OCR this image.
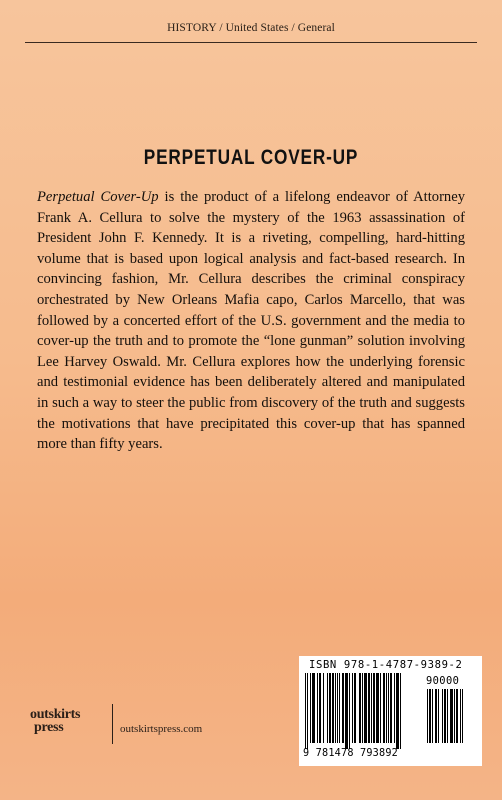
HISTORY / United States / General
PERPETUAL COVER-UP
Perpetual Cover-Up is the product of a lifelong endeavor of Attorney Frank A. Cellura to solve the mystery of the 1963 assassination of President John F. Kennedy. It is a riveting, compelling, hard-hitting volume that is based upon logical analysis and fact-based research. In convincing fashion, Mr. Cellura describes the criminal conspiracy orchestrated by New Orleans Mafia capo, Carlos Marcello, that was followed by a concerted effort of the U.S. government and the media to cover-up the truth and to promote the “lone gunman” solution involving Lee Harvey Oswald. Mr. Cellura explores how the underlying forensic and testimonial evidence has been deliberately altered and manipulated in such a way to steer the public from discovery of the truth and suggests the motivations that have precipitated this cover-up that has spanned more than fifty years.
outskirts
press	outskirtspress.com
ISBN 978-1-4787-9389-2
90000
9 781478 793892
